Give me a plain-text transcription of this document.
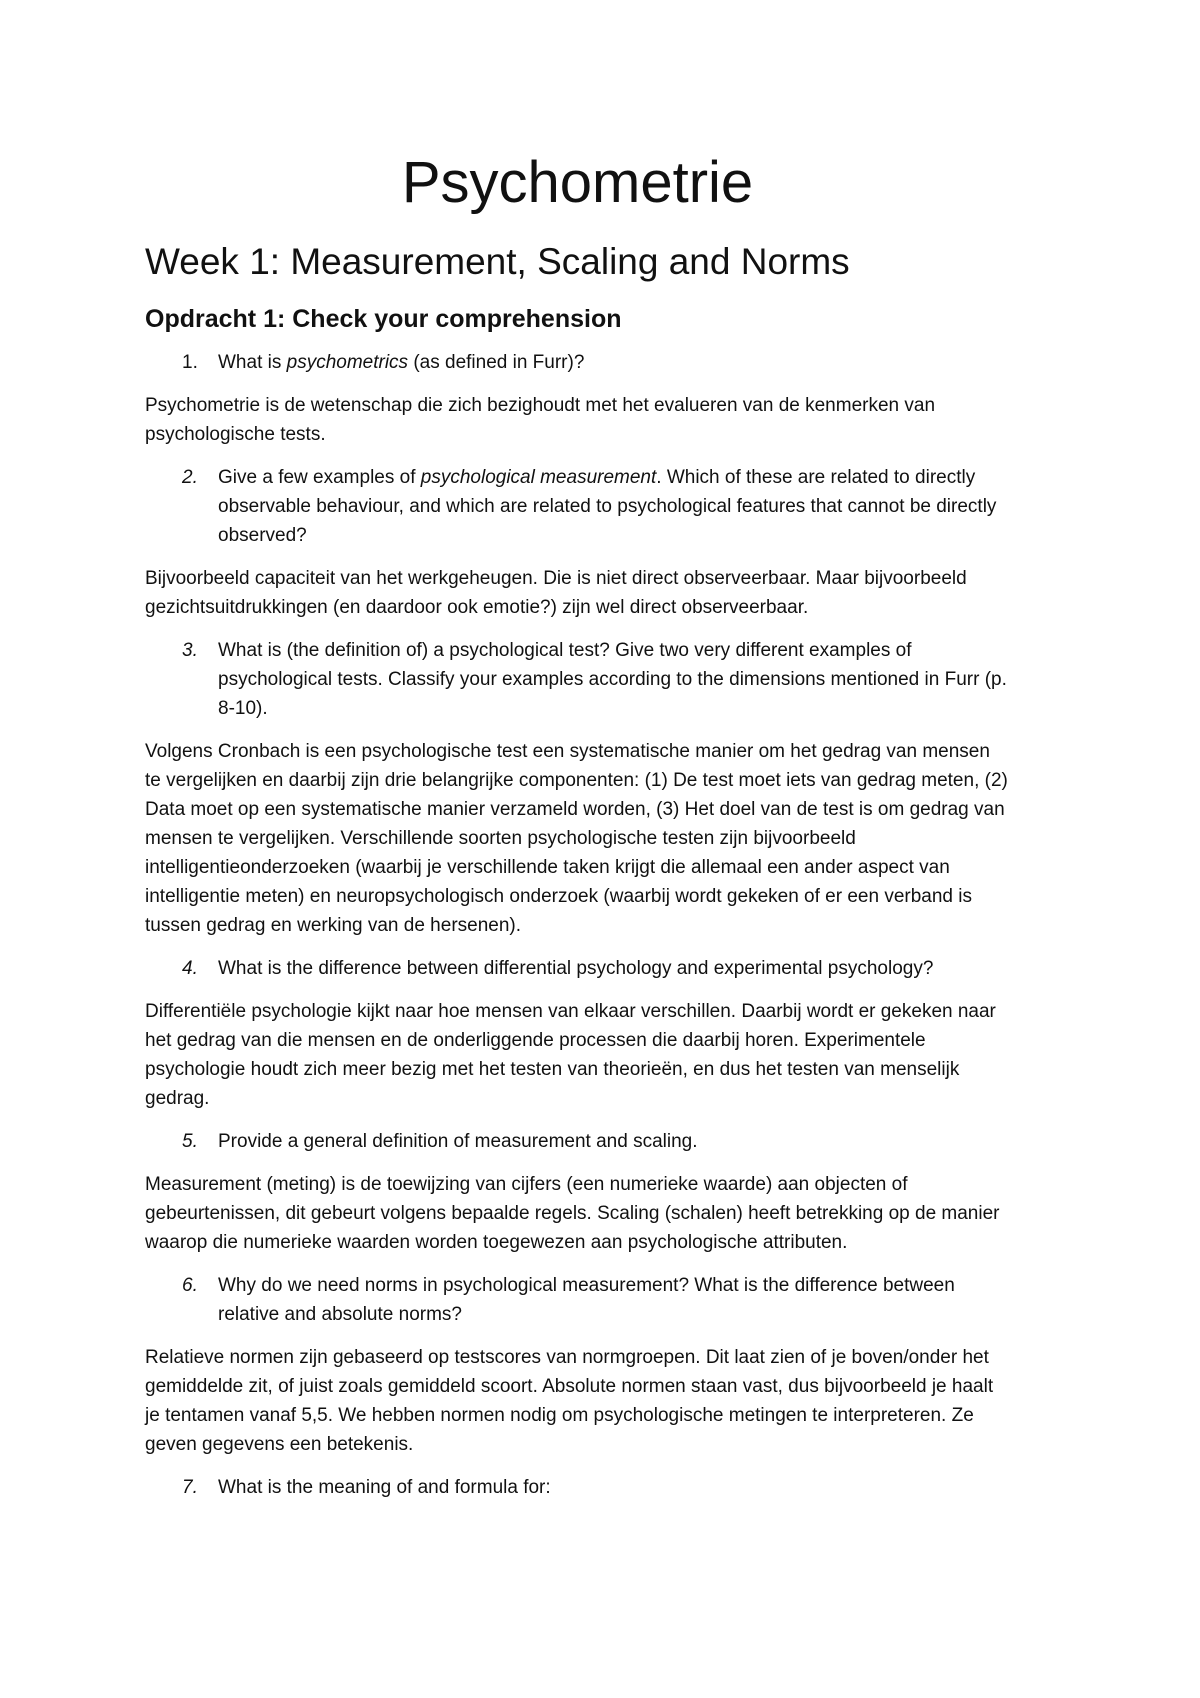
Psychometrie
Week 1: Measurement, Scaling and Norms
Opdracht 1: Check your comprehension
1. What is psychometrics (as defined in Furr)?

Psychometrie is de wetenschap die zich bezighoudt met het evalueren van de kenmerken van psychologische tests.

2. Give a few examples of psychological measurement. Which of these are related to directly observable behaviour, and which are related to psychological features that cannot be directly observed?

Bijvoorbeeld capaciteit van het werkgeheugen. Die is niet direct observeerbaar. Maar bijvoorbeeld gezichtsuitdrukkingen (en daardoor ook emotie?) zijn wel direct observeerbaar.

3. What is (the definition of) a psychological test? Give two very different examples of psychological tests. Classify your examples according to the dimensions mentioned in Furr (p. 8-10).

Volgens Cronbach is een psychologische test een systematische manier om het gedrag van mensen te vergelijken en daarbij zijn drie belangrijke componenten: (1) De test moet iets van gedrag meten, (2) Data moet op een systematische manier verzameld worden, (3) Het doel van de test is om gedrag van mensen te vergelijken. Verschillende soorten psychologische testen zijn bijvoorbeeld intelligentieonderzoeken (waarbij je verschillende taken krijgt die allemaal een ander aspect van intelligentie meten) en neuropsychologisch onderzoek (waarbij wordt gekeken of er een verband is tussen gedrag en werking van de hersenen).

4. What is the difference between differential psychology and experimental psychology?

Differentiële psychologie kijkt naar hoe mensen van elkaar verschillen. Daarbij wordt er gekeken naar het gedrag van die mensen en de onderliggende processen die daarbij horen. Experimentele psychologie houdt zich meer bezig met het testen van theorieën, en dus het testen van menselijk gedrag.

5. Provide a general definition of measurement and scaling.

Measurement (meting) is de toewijzing van cijfers (een numerieke waarde) aan objecten of gebeurtenissen, dit gebeurt volgens bepaalde regels. Scaling (schalen) heeft betrekking op de manier waarop die numerieke waarden worden toegewezen aan psychologische attributen.

6. Why do we need norms in psychological measurement? What is the difference between relative and absolute norms?

Relatieve normen zijn gebaseerd op testscores van normgroepen. Dit laat zien of je boven/onder het gemiddelde zit, of juist zoals gemiddeld scoort. Absolute normen staan vast, dus bijvoorbeeld je haalt je tentamen vanaf 5,5. We hebben normen nodig om psychologische metingen te interpreteren. Ze geven gegevens een betekenis.

7. What is the meaning of and formula for:
